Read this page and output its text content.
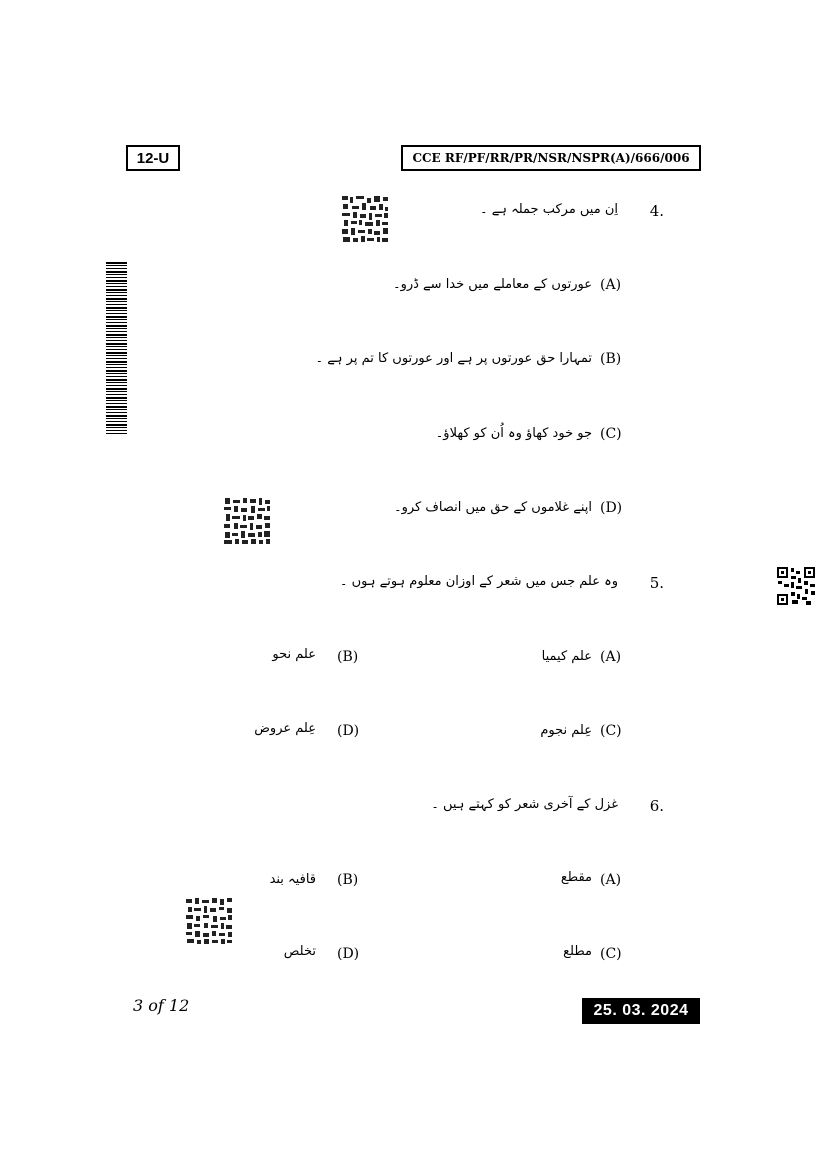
12-U	CCE RF/PF/RR/PR/NSR/NSPR(A)/666/006
4.
اِن میں مرکب جملہ ہے ۔
(A)
عورتوں کے معاملے میں خدا سے ڈرو۔
(B)
تمہارا حق عورتوں پر ہے اور عورتوں کا تم پر ہے ۔
(C)
جو خود کھاؤ وہ اُن کو کھلاؤ۔
(D)
اپنے غلاموں کے حق میں انصاف کرو۔
5.
وہ علم جس میں شعر کے اوزان معلوم ہوتے ہوں ۔
(A)
علم کیمیا
(B)
علم نحو
(C)
عِلم نجوم
(D)
عِلم عروض
6.
غزل کے آخری شعر کو کہتے ہیں ۔
(A)
مقطع
(B)
قافیہ بند
(C)
مطلع
(D)
تخلص
3 of 12	25. 03. 2024
